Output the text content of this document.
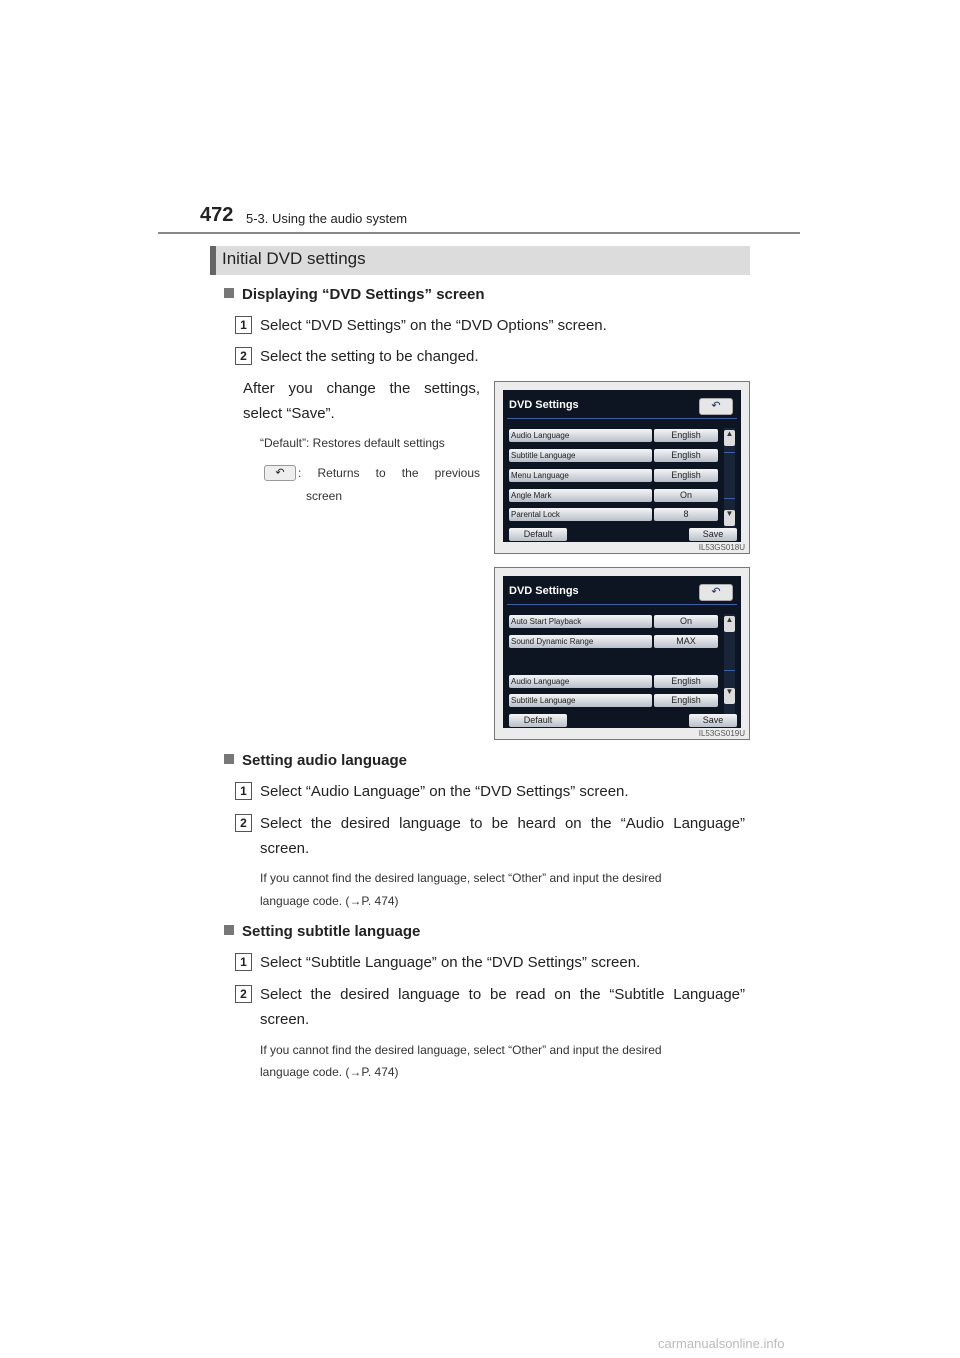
472 5-3. Using the audio system
Initial DVD settings
Displaying “DVD Settings” screen
1 Select “DVD Settings” on the “DVD Options” screen.
2 Select the setting to be changed.
After you change the settings,
select “Save”.
“Default”: Restores default settings
↶	: Returns to the previous
screen
DVD Settings	↶
Audio Language	English
Subtitle Language	English
Menu Language	English
Angle Mark	On
Parental Lock	8
▲
▼
Default	Save
IL53GS018U
DVD Settings	↶
Auto Start Playback	On
Sound Dynamic Range	MAX
Audio Language	English
Subtitle Language	English
▲
▼
Default	Save
IL53GS019U
Setting audio language
1 Select “Audio Language” on the “DVD Settings” screen.
2 Select the desired language to be heard on the “Audio Language”
screen.
If you cannot find the desired language, select “Other” and input the desired
language code. (→P. 474)
Setting subtitle language
1 Select “Subtitle Language” on the “DVD Settings” screen.
2 Select the desired language to be read on the “Subtitle Language”
screen.
If you cannot find the desired language, select “Other” and input the desired
language code. (→P. 474)
carmanualsonline.info
